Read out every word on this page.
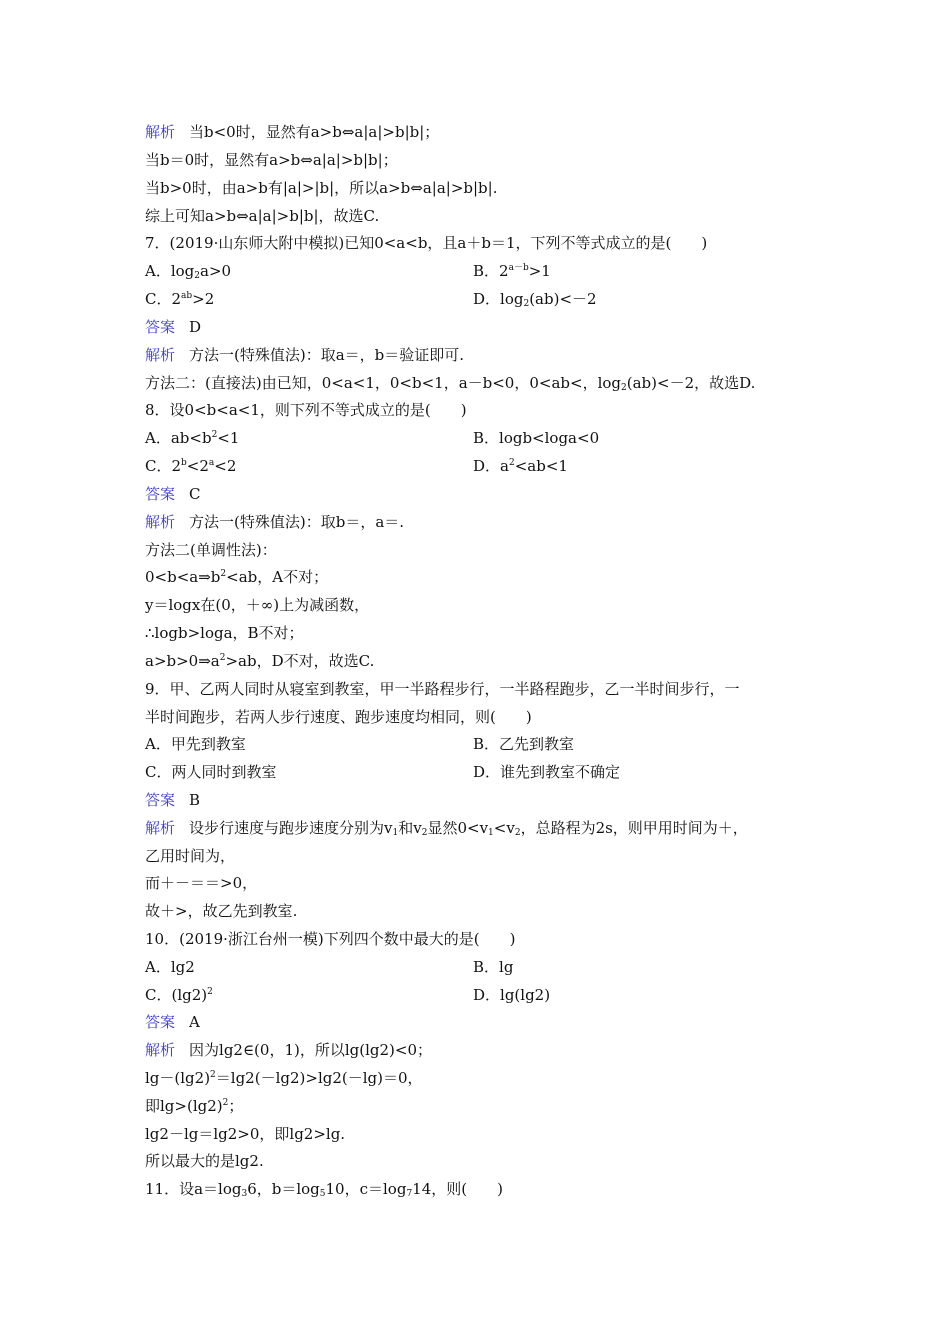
解析 当b<0时，显然有a>b⇔a|a|>b|b|；
当b＝0时，显然有a>b⇔a|a|>b|b|；
当b>0时，由a>b有|a|>|b|，所以a>b⇔a|a|>b|b|.
综上可知a>b⇔a|a|>b|b|，故选C.
7．(2019·山东师大附中模拟)已知0<a<b，且a＋b＝1，下列不等式成立的是(　　)
A．$\log_2a>0$	B．$2^{a-b}>1$
C．$2^{ab}>2$	D．$\log_2(ab)<-2$
答案 D
解析 方法一(特殊值法)：取a＝，b＝验证即可.
方法二：(直接法)由已知，0<a<1，0<b<1，a－b<0，0<ab<，$\log_2(ab)<-2$，故选D.
8．设0<b<a<1，则下列不等式成立的是(　　)
A．$ab<b^2<1$	B．logb<loga<0
C．$2^b<2^a<2$	D．$a^2<ab<1$
答案 C
解析 方法一(特殊值法)：取b＝，a＝.
方法二(单调性法)：
$0<b<a\Rightarrow b^2<ab$，A不对；
y＝logx在(0，＋∞)上为减函数，
∴logb>loga，B不对；
$a>b>0\Rightarrow a^2>ab$，D不对，故选C.
9．甲、乙两人同时从寝室到教室，甲一半路程步行，一半路程跑步，乙一半时间步行，一
半时间跑步，若两人步行速度、跑步速度均相同，则(　　)
A．甲先到教室	B．乙先到教室
C．两人同时到教室	D．谁先到教室不确定
答案 B
解析 设步行速度与跑步速度分别为$v_1$和$v_2$显然$0<v_1<v_2$，总路程为2s，则甲用时间为＋，
乙用时间为，
而＋－＝＝>0，
故＋>，故乙先到教室.
10．(2019·浙江台州一模)下列四个数中最大的是(　　)
A．lg2	B．lg
C．$(\lg 2)^2$	D．lg(lg2)
答案 A
解析 因为lg2∈(0，1)，所以lg(lg2)<0；
$\lg-(\lg 2)^2=\lg 2(-\lg 2)>\lg 2(-\lg)=0$，
即$\lg>(\lg 2)^2$；
lg2－lg＝lg2>0，即lg2>lg.
所以最大的是lg2.
11．设$a=\log_36$，$b=\log_510$，$c=\log_714$，则(　　)
